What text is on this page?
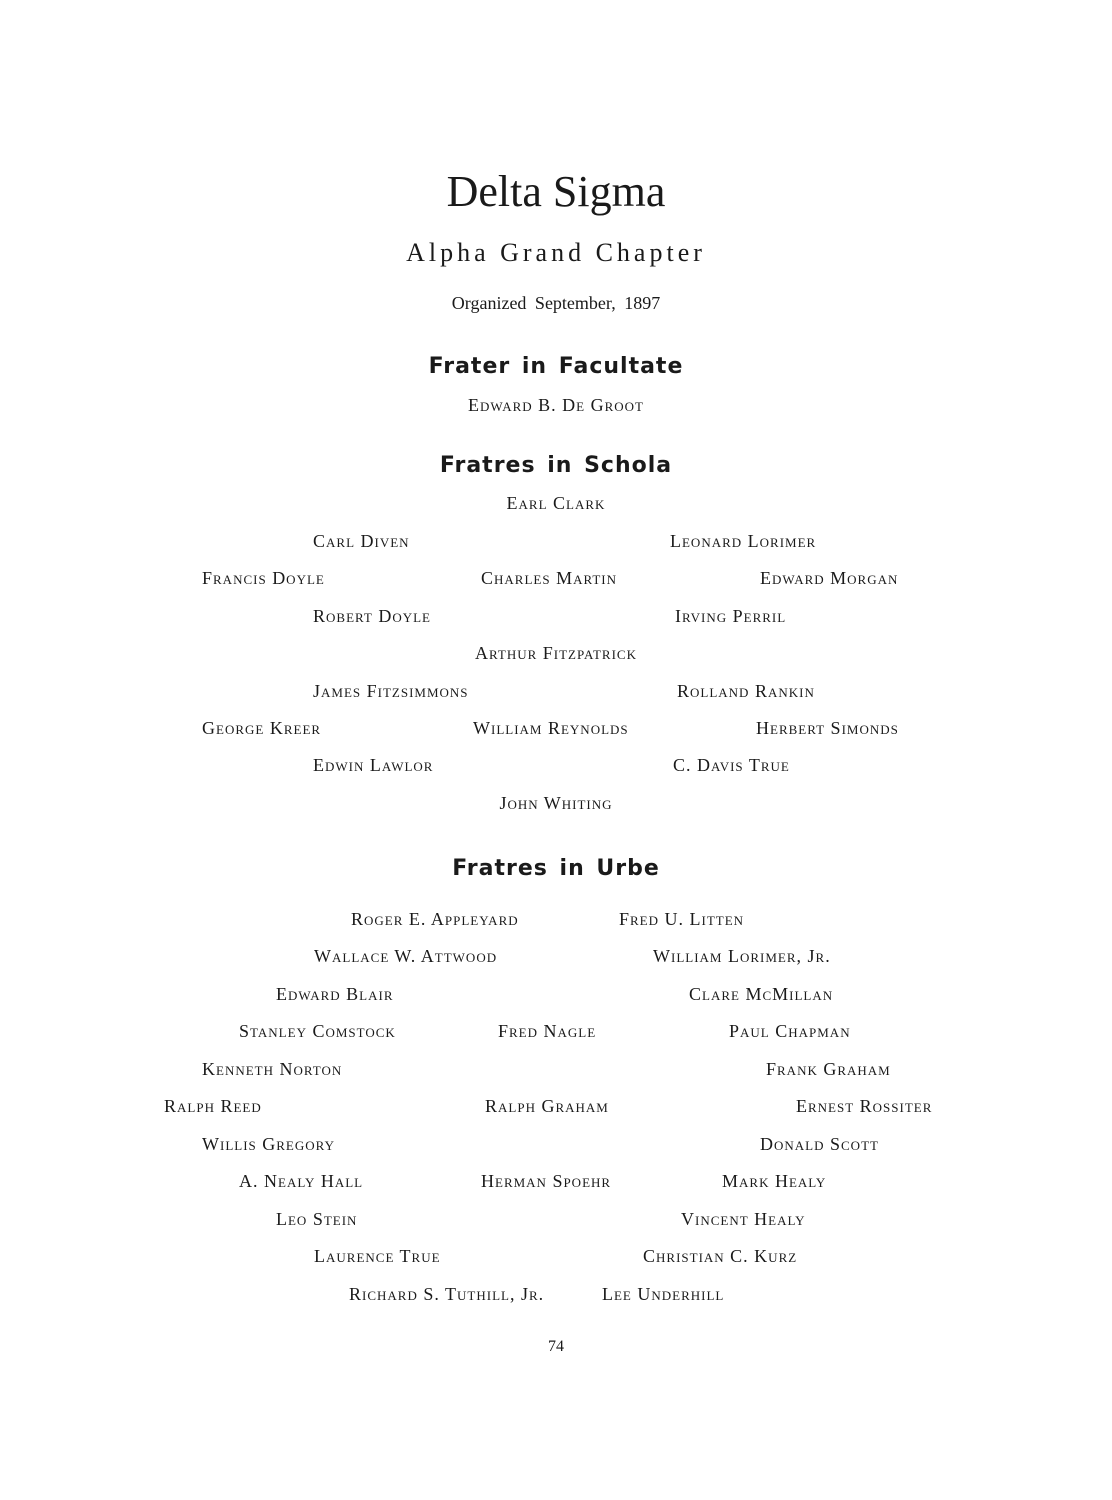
Delta Sigma
Alpha Grand Chapter
Organized September, 1897
Frater in Facultate
Edward B. De Groot
Fratres in Schola
Earl Clark
Carl Diven	Leonard Lorimer
Francis Doyle	Charles Martin	Edward Morgan
Robert Doyle	Irving Perril
Arthur Fitzpatrick
James Fitzsimmons	Rolland Rankin
George Kreer	William Reynolds	Herbert Simonds
Edwin Lawlor	C. Davis True
John Whiting
Fratres in Urbe
Roger E. Appleyard	Fred U. Litten
Wallace W. Attwood	William Lorimer, Jr.
Edward Blair	Clare McMillan
Stanley Comstock	Fred Nagle	Paul Chapman
Kenneth Norton	Frank Graham
Ralph Reed	Ralph Graham	Ernest Rossiter
Willis Gregory	Donald Scott
A. Nealy Hall	Herman Spoehr	Mark Healy
Leo Stein	Vincent Healy
Laurence True	Christian C. Kurz
Richard S. Tuthill, Jr.	Lee Underhill
74
